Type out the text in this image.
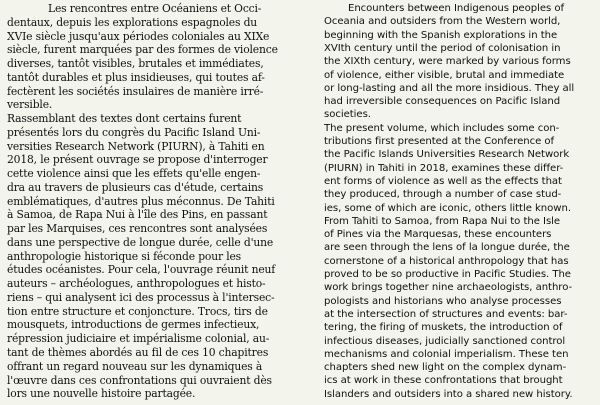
Les rencontres entre Océaniens et Occi-
dentaux, depuis les explorations espagnoles du
XVIe siècle jusqu'aux périodes coloniales au XIXe
siècle, furent marquées par des formes de violence
diverses, tantôt visibles, brutales et immédiates,
tantôt durables et plus insidieuses, qui toutes af-
fectèrent les sociétés insulaires de manière irré-
versible.
Rassemblant des textes dont certains furent
présentés lors du congrès du Pacific Island Uni-
versities Research Network (PIURN), à Tahiti en
2018, le présent ouvrage se propose d'interroger
cette violence ainsi que les effets qu'elle engen-
dra au travers de plusieurs cas d'étude, certains
emblématiques, d'autres plus méconnus. De Tahiti
à Samoa, de Rapa Nui à l'île des Pins, en passant
par les Marquises, ces rencontres sont analysées
dans une perspective de longue durée, celle d'une
anthropologie historique si féconde pour les
études océanistes. Pour cela, l'ouvrage réunit neuf
auteurs – archéologues, anthropologues et histo-
riens – qui analysent ici des processus à l'intersec-
tion entre structure et conjoncture. Trocs, tirs de
mousquets, introductions de germes infectieux,
répression judiciaire et impérialisme colonial, au-
tant de thèmes abordés au fil de ces 10 chapitres
offrant un regard nouveau sur les dynamiques à
l'œuvre dans ces confrontations qui ouvraient dès
lors une nouvelle histoire partagée.
Encounters between Indigenous peoples of
Oceania and outsiders from the Western world,
beginning with the Spanish explorations in the
XVIth century until the period of colonisation in
the XIXth century, were marked by various forms
of violence, either visible, brutal and immediate
or long-lasting and all the more insidious. They all
had irreversible consequences on Pacific Island
societies.
The present volume, which includes some con-
tributions first presented at the Conference of
the Pacific Islands Universities Research Network
(PIURN) in Tahiti in 2018, examines these differ-
ent forms of violence as well as the effects that
they produced, through a number of case stud-
ies, some of which are iconic, others little known.
From Tahiti to Samoa, from Rapa Nui to the Isle
of Pines via the Marquesas, these encounters
are seen through the lens of la longue durée, the
cornerstone of a historical anthropology that has
proved to be so productive in Pacific Studies. The
work brings together nine archaeologists, anthro-
pologists and historians who analyse processes
at the intersection of structures and events: bar-
tering, the firing of muskets, the introduction of
infectious diseases, judicially sanctioned control
mechanisms and colonial imperialism. These ten
chapters shed new light on the complex dynam-
ics at work in these confrontations that brought
Islanders and outsiders into a shared new history.
